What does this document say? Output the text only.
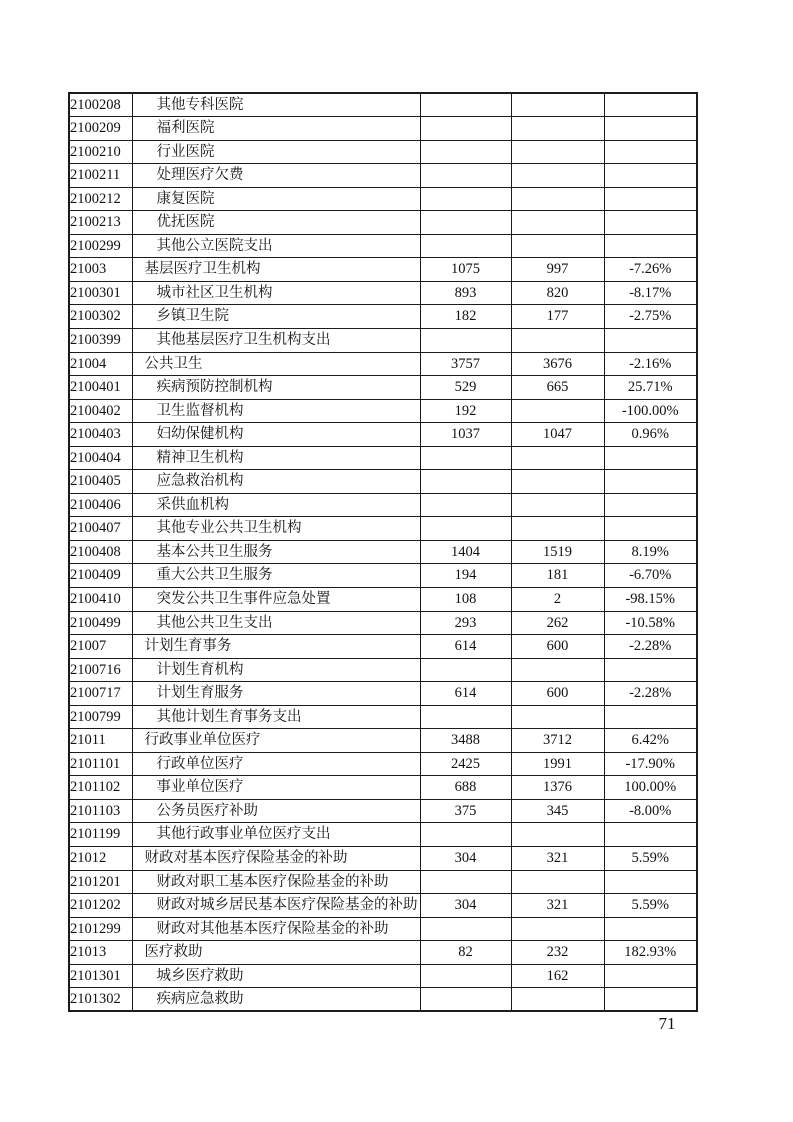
2100208	其他专科医院			
2100209	福利医院			
2100210	行业医院			
2100211	处理医疗欠费			
2100212	康复医院			
2100213	优抚医院			
2100299	其他公立医院支出			
21003	基层医疗卫生机构	1075	997	-7.26%
2100301	城市社区卫生机构	893	820	-8.17%
2100302	乡镇卫生院	182	177	-2.75%
2100399	其他基层医疗卫生机构支出			
21004	公共卫生	3757	3676	-2.16%
2100401	疾病预防控制机构	529	665	25.71%
2100402	卫生监督机构	192		-100.00%
2100403	妇幼保健机构	1037	1047	0.96%
2100404	精神卫生机构			
2100405	应急救治机构			
2100406	采供血机构			
2100407	其他专业公共卫生机构			
2100408	基本公共卫生服务	1404	1519	8.19%
2100409	重大公共卫生服务	194	181	-6.70%
2100410	突发公共卫生事件应急处置	108	2	-98.15%
2100499	其他公共卫生支出	293	262	-10.58%
21007	计划生育事务	614	600	-2.28%
2100716	计划生育机构			
2100717	计划生育服务	614	600	-2.28%
2100799	其他计划生育事务支出			
21011	行政事业单位医疗	3488	3712	6.42%
2101101	行政单位医疗	2425	1991	-17.90%
2101102	事业单位医疗	688	1376	100.00%
2101103	公务员医疗补助	375	345	-8.00%
2101199	其他行政事业单位医疗支出			
21012	财政对基本医疗保险基金的补助	304	321	5.59%
2101201	财政对职工基本医疗保险基金的补助			
2101202	财政对城乡居民基本医疗保险基金的补助	304	321	5.59%
2101299	财政对其他基本医疗保险基金的补助			
21013	医疗救助	82	232	182.93%
2101301	城乡医疗救助		162	
2101302	疾病应急救助			
71
